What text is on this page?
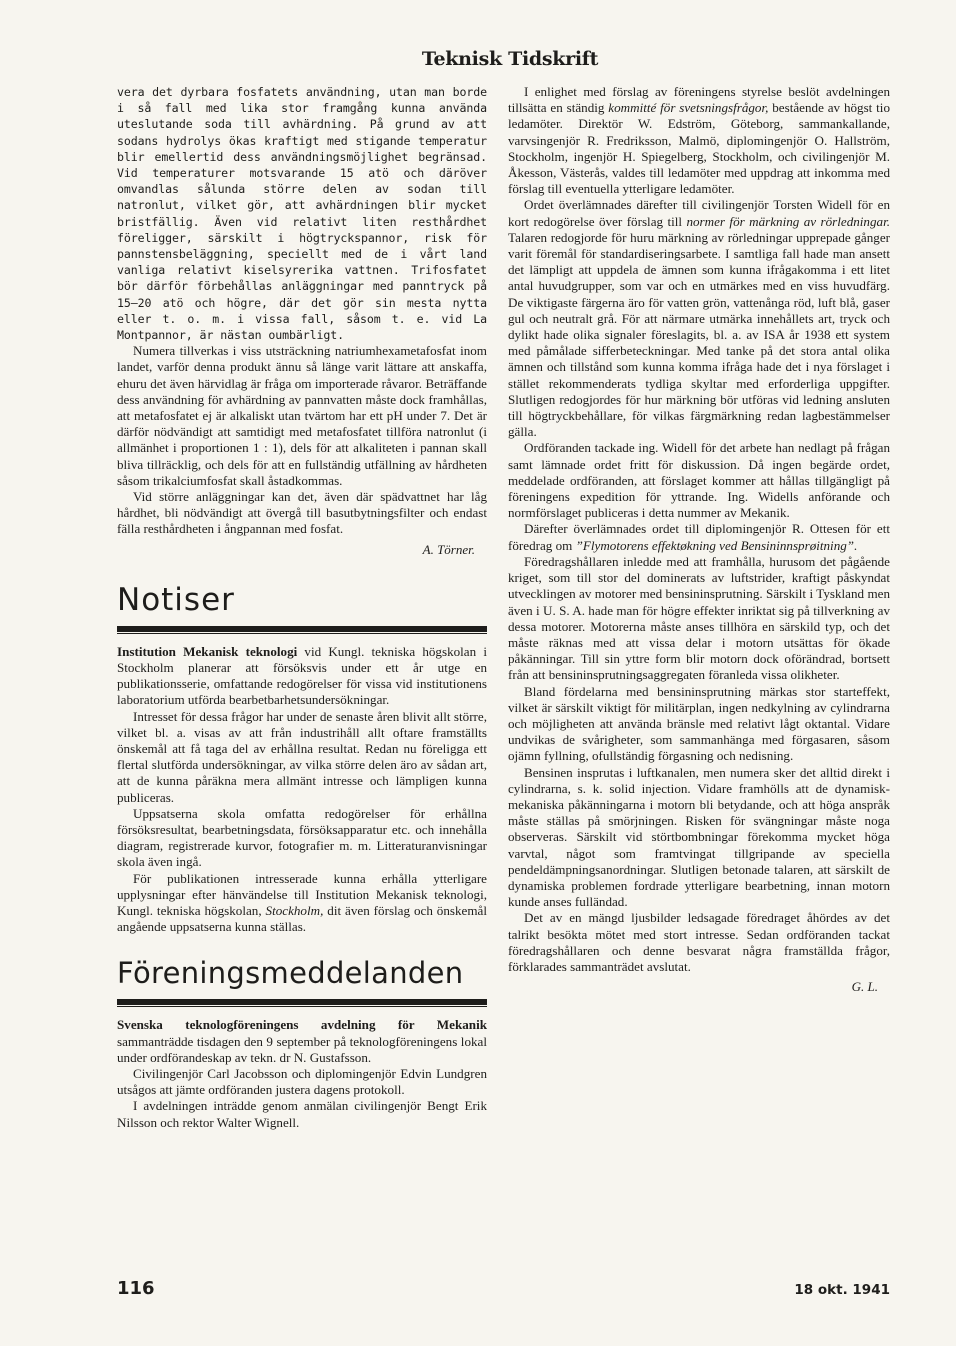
Teknisk Tidskrift

vera det dyrbara fosfatets användning, utan man borde i så fall med lika stor framgång kunna använda uteslutande soda till avhärdning. På grund av att sodans hydrolys ökas kraftigt med stigande temperatur blir emellertid dess användningsmöjlighet begränsad. Vid temperaturer motsvarande 15 atö och däröver omvandlas sålunda större delen av sodan till natronlut, vilket gör, att avhärdningen blir mycket bristfällig. Även vid relativt liten resthårdhet föreligger, särskilt i högtryckspannor, risk för pannstensbeläggning, speciellt med de i vårt land vanliga relativt kiselsyrerika vattnen. Trifosfatet bör därför förbehållas anläggningar med panntryck på 15—20 atö och högre, där det gör sin mesta nytta eller t. o. m. i vissa fall, såsom t. e. vid La Montpannor, är nästan oumbärligt.

Numera tillverkas i viss utsträckning natriumhexametafosfat inom landet, varför denna produkt ännu så länge varit lättare att anskaffa, ehuru det även härvidlag är fråga om importerade råvaror. Beträffande dess användning för avhärdning av pannvatten måste dock framhållas, att metafosfatet ej är alkaliskt utan tvärtom har ett pH under 7. Det är därför nödvändigt att samtidigt med metafosfatet tillföra natronlut (i allmänhet i proportionen 1 : 1), dels för att alkaliteten i pannan skall bliva tillräcklig, och dels för att en fullständig utfällning av hårdheten såsom trikalciumfosfat skall åstadkommas.

Vid större anläggningar kan det, även där spädvattnet har låg hårdhet, bli nödvändigt att övergå till basutbytningsfilter och endast fälla resthårdheten i ångpannan med fosfat.

A. Törner.
Notiser

Institution Mekanisk teknologi vid Kungl. tekniska högskolan i Stockholm planerar att försöksvis under ett år utge en publikationsserie, omfattande redogörelser för vissa vid institutionens laboratorium utförda bearbetbarhetsundersökningar.

Intresset för dessa frågor har under de senaste åren blivit allt större, vilket bl. a. visas av att från industrihåll allt oftare framställts önskemål att få taga del av erhållna resultat. Redan nu föreligga ett flertal slutförda undersökningar, av vilka större delen äro av sådan art, att de kunna påräkna mera allmänt intresse och lämpligen kunna publiceras.

Uppsatserna skola omfatta redogörelser för erhållna försöksresultat, bearbetningsdata, försöksapparatur etc. och innehålla diagram, registrerade kurvor, fotografier m. m. Litteraturanvisningar skola även ingå.

För publikationen intresserade kunna erhålla ytterligare upplysningar efter hänvändelse till Institution Mekanisk teknologi, Kungl. tekniska högskolan, Stockholm, dit även förslag och önskemål angående uppsatserna kunna ställas.

Föreningsmeddelanden

Svenska teknologföreningens avdelning för Mekanik sammanträdde tisdagen den 9 september på teknologföreningens lokal under ordförandeskap av tekn. dr N. Gustafsson.

Civilingenjör Carl Jacobsson och diplomingenjör Edvin Lundgren utsågos att jämte ordföranden justera dagens protokoll.

I avdelningen inträdde genom anmälan civilingenjör Bengt Erik Nilsson och rektor Walter Wignell.

I enlighet med förslag av föreningens styrelse beslöt avdelningen tillsätta en ständig kommitté för svetsningsfrågor, bestående av högst tio ledamöter. Direktör W. Edström, Göteborg, sammankallande, varvsingenjör R. Fredriksson, Malmö, diplomingenjör O. Hallström, Stockholm, ingenjör H. Spiegelberg, Stockholm, och civilingenjör M. Åkesson, Västerås, valdes till ledamöter med uppdrag att inkomma med förslag till eventuella ytterligare ledamöter.

Ordet överlämnades därefter till civilingenjör Torsten Widell för en kort redogörelse över förslag till normer för märkning av rörledningar. Talaren redogjorde för huru märkning av rörledningar upprepade gånger varit föremål för standardiseringsarbete. I samtliga fall hade man ansett det lämpligt att uppdela de ämnen som kunna ifrågakomma i ett litet antal huvudgrupper, som var och en utmärkes med en viss huvudfärg. De viktigaste färgerna äro för vatten grön, vattenånga röd, luft blå, gaser gul och neutralt grå. För att närmare utmärka innehållets art, tryck och dylikt hade olika signaler föreslagits, bl. a. av ISA år 1938 ett system med påmålade sifferbeteckningar. Med tanke på det stora antal olika ämnen och tillstånd som kunna komma ifråga hade det i nya förslaget i stället rekommenderats tydliga skyltar med erforderliga uppgifter. Slutligen redogjordes för hur märkning bör utföras vid ledning ansluten till högtryckbehållare, för vilkas färgmärkning redan lagbestämmelser gälla.

Ordföranden tackade ing. Widell för det arbete han nedlagt på frågan samt lämnade ordet fritt för diskussion. Då ingen begärde ordet, meddelade ordföranden, att förslaget kommer att hållas tillgängligt på föreningens expedition för yttrande. Ing. Widells anförande och normförslaget publiceras i detta nummer av Mekanik.

Därefter överlämnades ordet till diplomingenjör R. Ottesen för ett föredrag om ”Flymotorens effektøkning ved Bensininnsprøitning”.

Föredragshållaren inledde med att framhålla, hurusom det pågående kriget, som till stor del dominerats av luftstrider, kraftigt påskyndat utvecklingen av motorer med bensininsprutning. Särskilt i Tyskland men även i U. S. A. hade man för högre effekter inriktat sig på tillverkning av dessa motorer. Motorerna måste anses tillhöra en särskild typ, och det måste räknas med att vissa delar i motorn utsättas för ökade påkänningar. Till sin yttre form blir motorn dock oförändrad, bortsett från att bensininsprutningsaggregaten föranleda vissa olikheter.

Bland fördelarna med bensininsprutning märkas stor starteffekt, vilket är särskilt viktigt för militärplan, ingen nedkylning av cylindrarna och möjligheten att använda bränsle med relativt lågt oktantal. Vidare undvikas de svårigheter, som sammanhänga med förgasaren, såsom ojämn fyllning, ofullständig förgasning och nedisning.

Bensinen insprutas i luftkanalen, men numera sker det alltid direkt i cylindrarna, s. k. solid injection. Vidare framhölls att de dynamisk-mekaniska påkänningarna i motorn bli betydande, och att höga anspråk måste ställas på smörjningen. Risken för svängningar måste noga observeras. Särskilt vid störtbombningar förekomma mycket höga varvtal, något som framtvingat tillgripande av speciella pendeldämpningsanordningar. Slutligen betonade talaren, att särskilt de dynamiska problemen fordrade ytterligare bearbetning, innan motorn kunde anses fulländad.

Det av en mängd ljusbilder ledsagade föredraget åhördes av det talrikt besökta mötet med stort intresse. Sedan ordföranden tackat föredragshållaren och denne besvarat några framställda frågor, förklarades sammanträdet avslutat.

G. L.
116	18 okt. 1941
